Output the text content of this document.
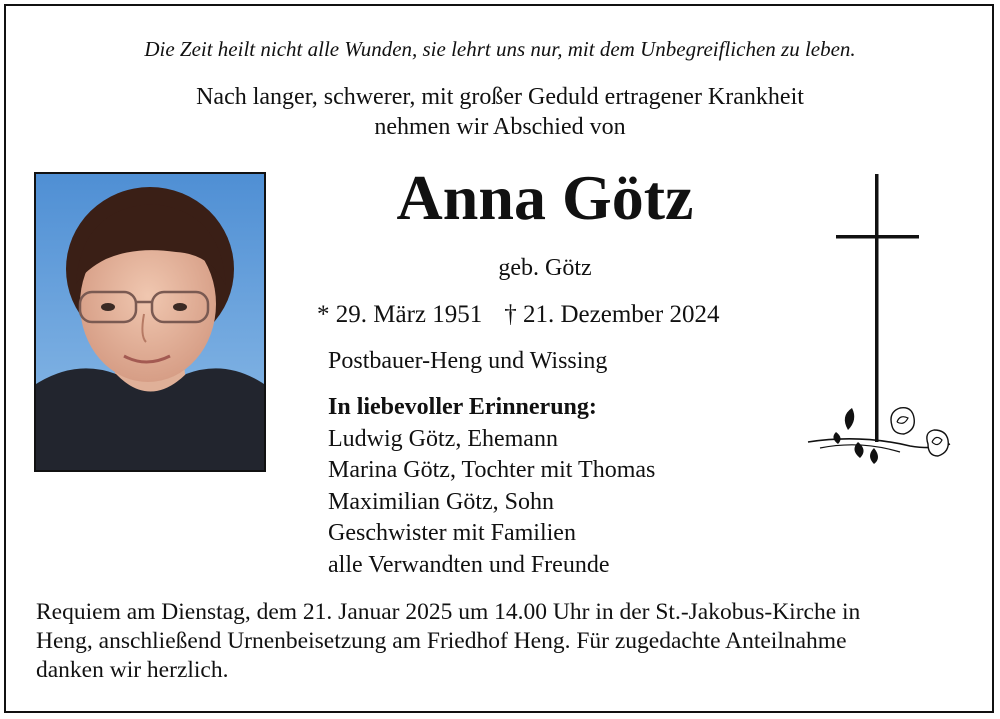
Die Zeit heilt nicht alle Wunden, sie lehrt uns nur, mit dem Unbegreiflichen zu leben.
Nach langer, schwerer, mit großer Geduld ertragener Krankheit
nehmen wir Abschied von
Anna Götz
geb. Götz
* 29. März 1951 † 21. Dezember 2024
Postbauer-Heng und Wissing
In liebevoller Erinnerung:
Ludwig Götz, Ehemann
Marina Götz, Tochter mit Thomas
Maximilian Götz, Sohn
Geschwister mit Familien
alle Verwandten und Freunde
Requiem am Dienstag, dem 21. Januar 2025 um 14.00 Uhr in der St.-Jakobus-Kirche in
Heng, anschließend Urnenbeisetzung am Friedhof Heng. Für zugedachte Anteilnahme
danken wir herzlich.
